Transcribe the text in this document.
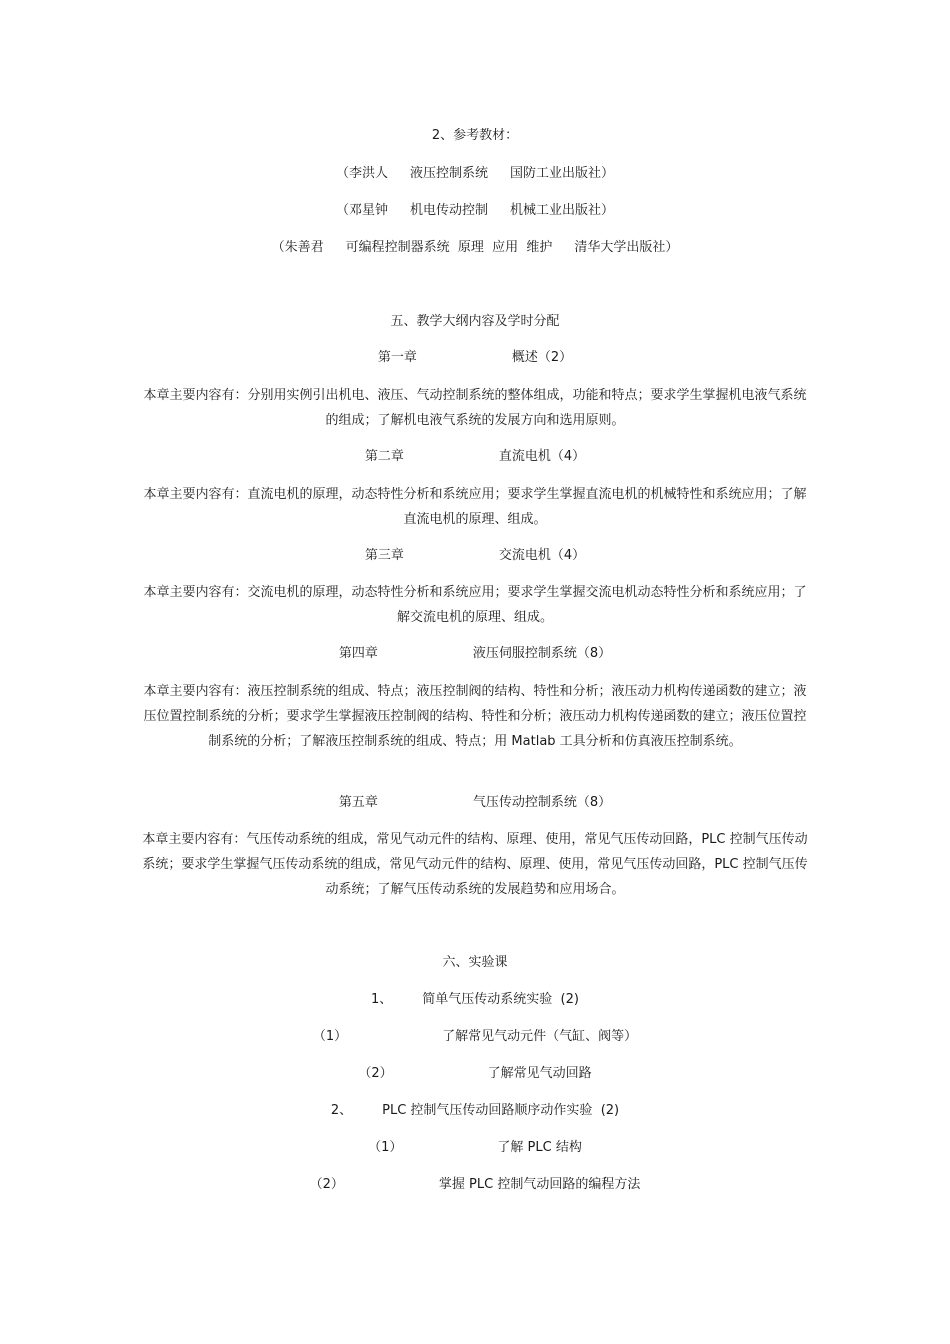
2、参考教材：
（李洪人 液压控制系统 国防工业出版社）
（邓星钟 机电传动控制 机械工业出版社）
（朱善君 可编程控制器系统  原理  应用  维护 清华大学出版社）
五、教学大纲内容及学时分配
第一章	概述（2）
本章主要内容有：分别用实例引出机电、液压、气动控制系统的整体组成，功能和特点；要求学生掌握机电液气系统的组成；了解机电液气系统的发展方向和选用原则。
第二章	直流电机（4）
本章主要内容有：直流电机的原理，动态特性分析和系统应用；要求学生掌握直流电机的机械特性和系统应用；了解直流电机的原理、组成。
第三章	交流电机（4）
本章主要内容有：交流电机的原理，动态特性分析和系统应用；要求学生掌握交流电机动态特性分析和系统应用；了解交流电机的原理、组成。
第四章	液压伺服控制系统（8）
本章主要内容有：液压控制系统的组成、特点；液压控制阀的结构、特性和分析；液压动力机构传递函数的建立；液压位置控制系统的分析；要求学生掌握液压控制阀的结构、特性和分析；液压动力机构传递函数的建立；液压位置控制系统的分析；了解液压控制系统的组成、特点；用 Matlab 工具分析和仿真液压控制系统。
第五章	气压传动控制系统（8）
本章主要内容有：气压传动系统的组成，常见气动元件的结构、原理、使用，常见气压传动回路，PLC 控制气压传动系统；要求学生掌握气压传动系统的组成，常见气动元件的结构、原理、使用，常见气压传动回路，PLC 控制气压传动系统；了解气压传动系统的发展趋势和应用场合。
六、实验课
1、 简单气压传动系统实验  (2)
（1）	了解常见气动元件（气缸、阀等）
（2）	了解常见气动回路
2、 PLC 控制气压传动回路顺序动作实验  (2)
（1）	了解 PLC 结构
（2）	掌握 PLC 控制气动回路的编程方法
